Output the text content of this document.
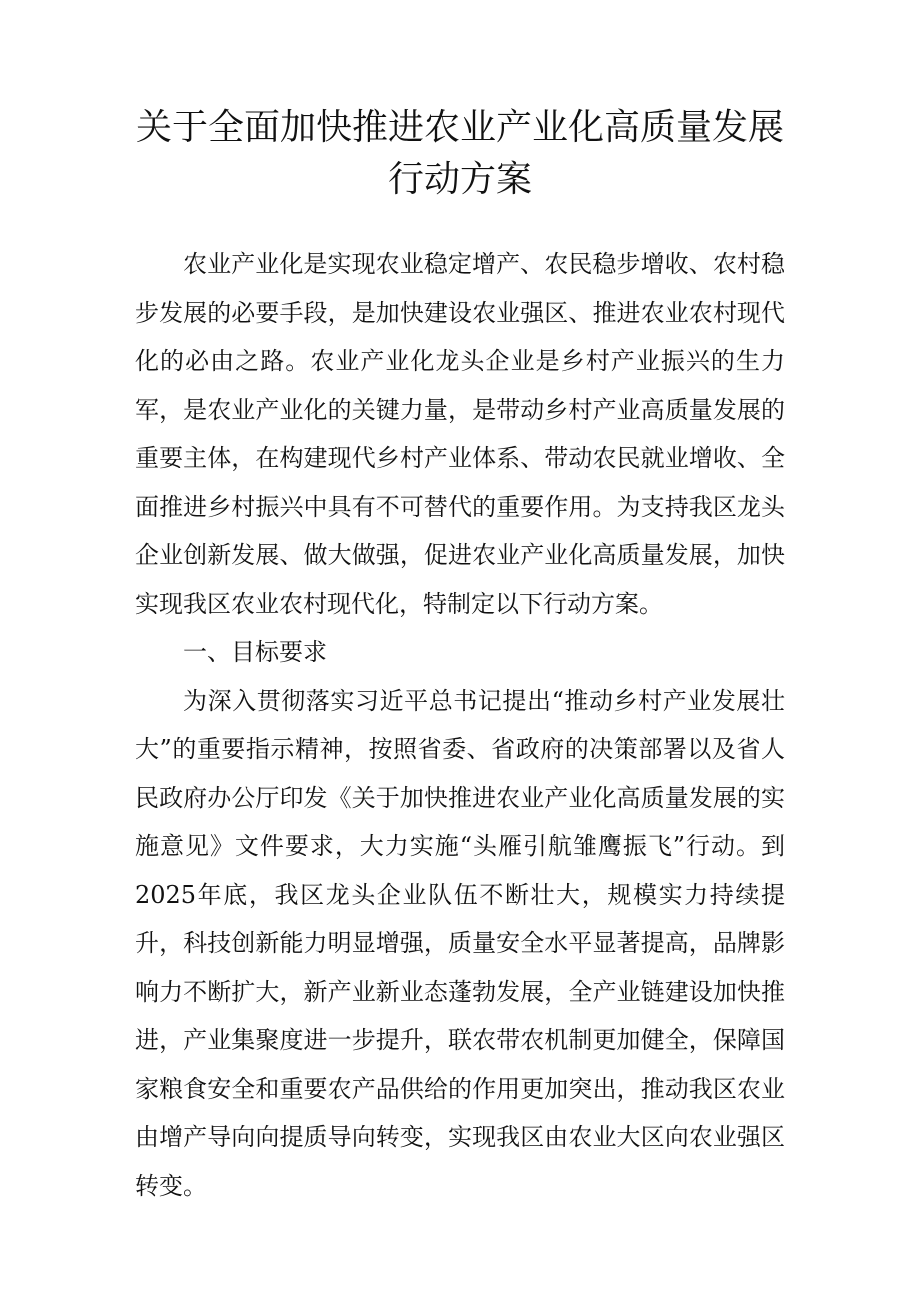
关于全面加快推进农业产业化高质量发展
行动方案

农业产业化是实现农业稳定增产、农民稳步增收、农村稳步发展的必要手段，是加快建设农业强区、推进农业农村现代化的必由之路。农业产业化龙头企业是乡村产业振兴的生力军，是农业产业化的关键力量，是带动乡村产业高质量发展的重要主体，在构建现代乡村产业体系、带动农民就业增收、全面推进乡村振兴中具有不可替代的重要作用。为支持我区龙头企业创新发展、做大做强，促进农业产业化高质量发展，加快实现我区农业农村现代化，特制定以下行动方案。

一、目标要求

为深入贯彻落实习近平总书记提出“推动乡村产业发展壮大”的重要指示精神，按照省委、省政府的决策部署以及省人民政府办公厅印发《关于加快推进农业产业化高质量发展的实施意见》文件要求，大力实施“头雁引航雏鹰振飞”行动。到2025年底，我区龙头企业队伍不断壮大，规模实力持续提升，科技创新能力明显增强，质量安全水平显著提高，品牌影响力不断扩大，新产业新业态蓬勃发展，全产业链建设加快推进，产业集聚度进一步提升，联农带农机制更加健全，保障国家粮食安全和重要农产品供给的作用更加突出，推动我区农业由增产导向向提质导向转变，实现我区由农业大区向农业强区转变。
